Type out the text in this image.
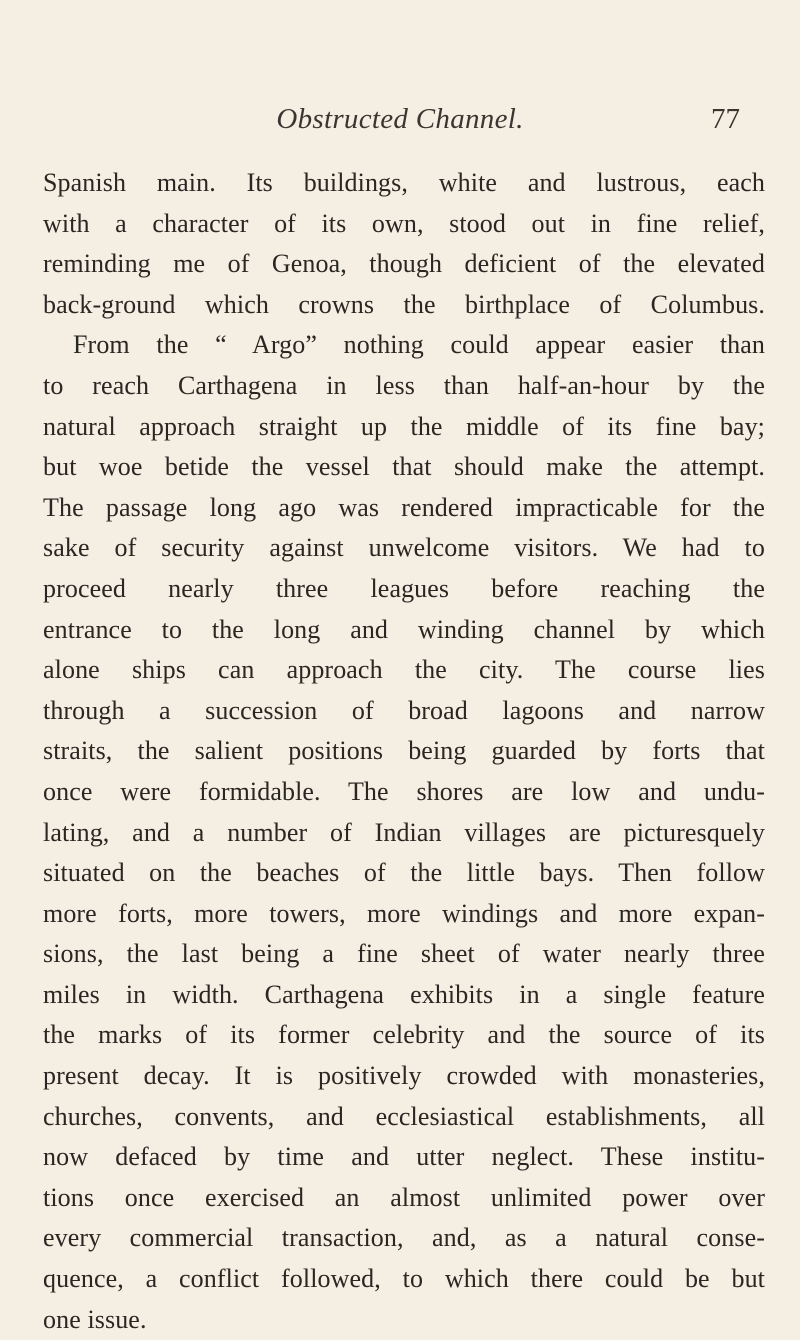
Obstructed Channel.	77
Spanish main. Its buildings, white and lustrous, each
with a character of its own, stood out in fine relief,
reminding me of Genoa, though deficient of the elevated
back-ground which crowns the birthplace of Columbus.
From the “ Argo” nothing could appear easier than
to reach Carthagena in less than half-an-hour by the
natural approach straight up the middle of its fine bay;
but woe betide the vessel that should make the attempt.
The passage long ago was rendered impracticable for the
sake of security against unwelcome visitors. We had to
proceed nearly three leagues before reaching the
entrance to the long and winding channel by which
alone ships can approach the city. The course lies
through a succession of broad lagoons and narrow
straits, the salient positions being guarded by forts that
once were formidable. The shores are low and undu-
lating, and a number of Indian villages are picturesquely
situated on the beaches of the little bays. Then follow
more forts, more towers, more windings and more expan-
sions, the last being a fine sheet of water nearly three
miles in width. Carthagena exhibits in a single feature
the marks of its former celebrity and the source of its
present decay. It is positively crowded with monasteries,
churches, convents, and ecclesiastical establishments, all
now defaced by time and utter neglect. These institu-
tions once exercised an almost unlimited power over
every commercial transaction, and, as a natural conse-
quence, a conflict followed, to which there could be but
one issue.
